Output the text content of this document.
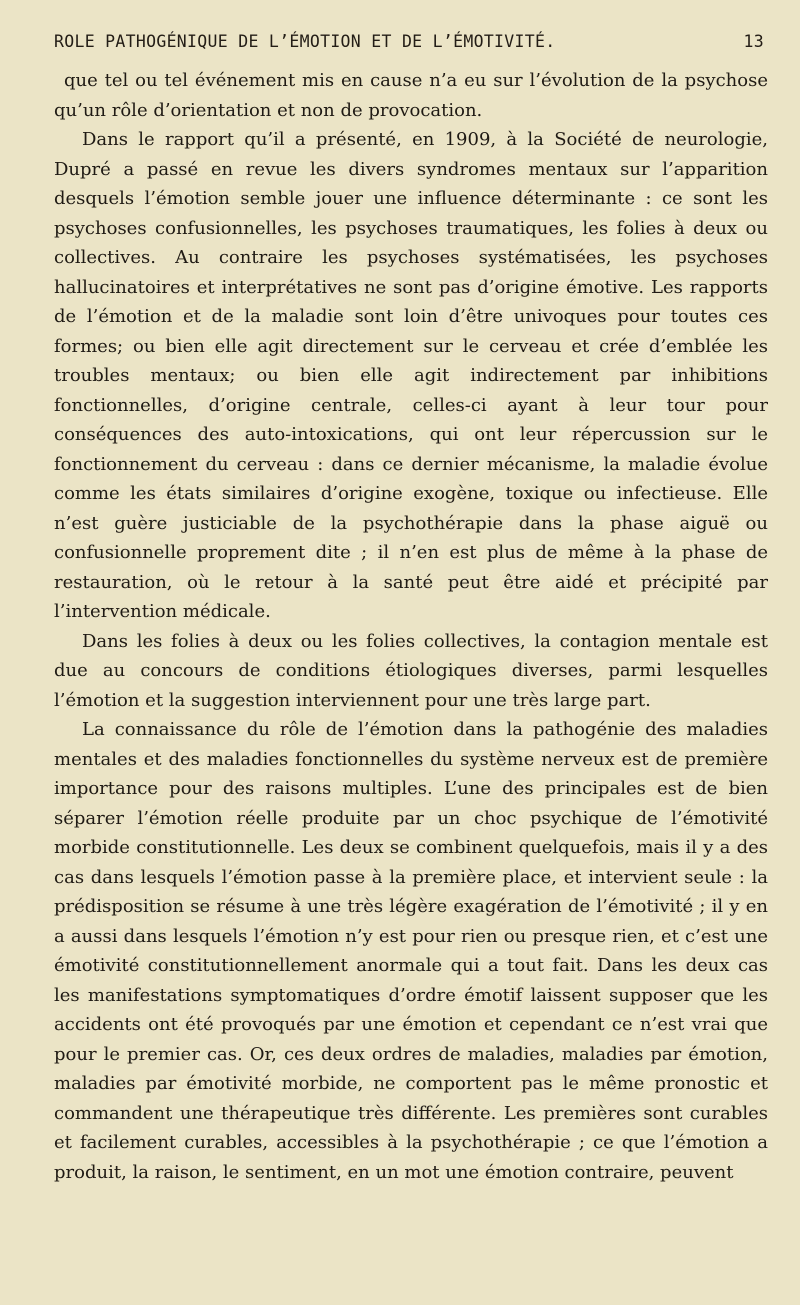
ROLE PATHOGÉNIQUE DE L’ÉMOTION ET DE L’ÉMOTIVITÉ.	13

que tel ou tel événement mis en cause n’a eu sur l’évolution de la psychose qu’un rôle d’orientation et non de provocation.

Dans le rapport qu’il a présenté, en 1909, à la Société de neurologie, Dupré a passé en revue les divers syndromes mentaux sur l’apparition desquels l’émotion semble jouer une influence déterminante : ce sont les psychoses confusionnelles, les psychoses traumatiques, les folies à deux ou collectives. Au contraire les psychoses systématisées, les psychoses hallucinatoires et interprétatives ne sont pas d’origine émotive. Les rapports de l’émotion et de la maladie sont loin d’être univoques pour toutes ces formes; ou bien elle agit directement sur le cerveau et crée d’emblée les troubles mentaux; ou bien elle agit indirectement par inhibitions fonctionnelles, d’origine centrale, celles-ci ayant à leur tour pour conséquences des auto-intoxications, qui ont leur répercussion sur le fonctionnement du cerveau : dans ce dernier mécanisme, la maladie évolue comme les états similaires d’origine exogène, toxique ou infectieuse. Elle n’est guère justiciable de la psychothérapie dans la phase aiguë ou confusionnelle proprement dite ; il n’en est plus de même à la phase de restauration, où le retour à la santé peut être aidé et précipité par l’intervention médicale.

Dans les folies à deux ou les folies collectives, la contagion mentale est due au concours de conditions étiologiques diverses, parmi lesquelles l’émotion et la suggestion interviennent pour une très large part.

La connaissance du rôle de l’émotion dans la pathogénie des maladies mentales et des maladies fonctionnelles du système nerveux est de première importance pour des raisons multiples. L’une des principales est de bien séparer l’émotion réelle produite par un choc psychique de l’émotivité morbide constitutionnelle. Les deux se combinent quelquefois, mais il y a des cas dans lesquels l’émotion passe à la première place, et intervient seule : la prédisposition se résume à une très légère exagération de l’émotivité ; il y en a aussi dans lesquels l’émotion n’y est pour rien ou presque rien, et c’est une émotivité constitutionnellement anormale qui a tout fait. Dans les deux cas les manifestations symptomatiques d’ordre émotif laissent supposer que les accidents ont été provoqués par une émotion et cependant ce n’est vrai que pour le premier cas. Or, ces deux ordres de maladies, maladies par émotion, maladies par émotivité morbide, ne comportent pas le même pronostic et commandent une thérapeutique très différente. Les premières sont curables et facilement curables, accessibles à la psychothérapie ; ce que l’émotion a produit, la raison, le sentiment, en un mot une émotion contraire, peuvent
